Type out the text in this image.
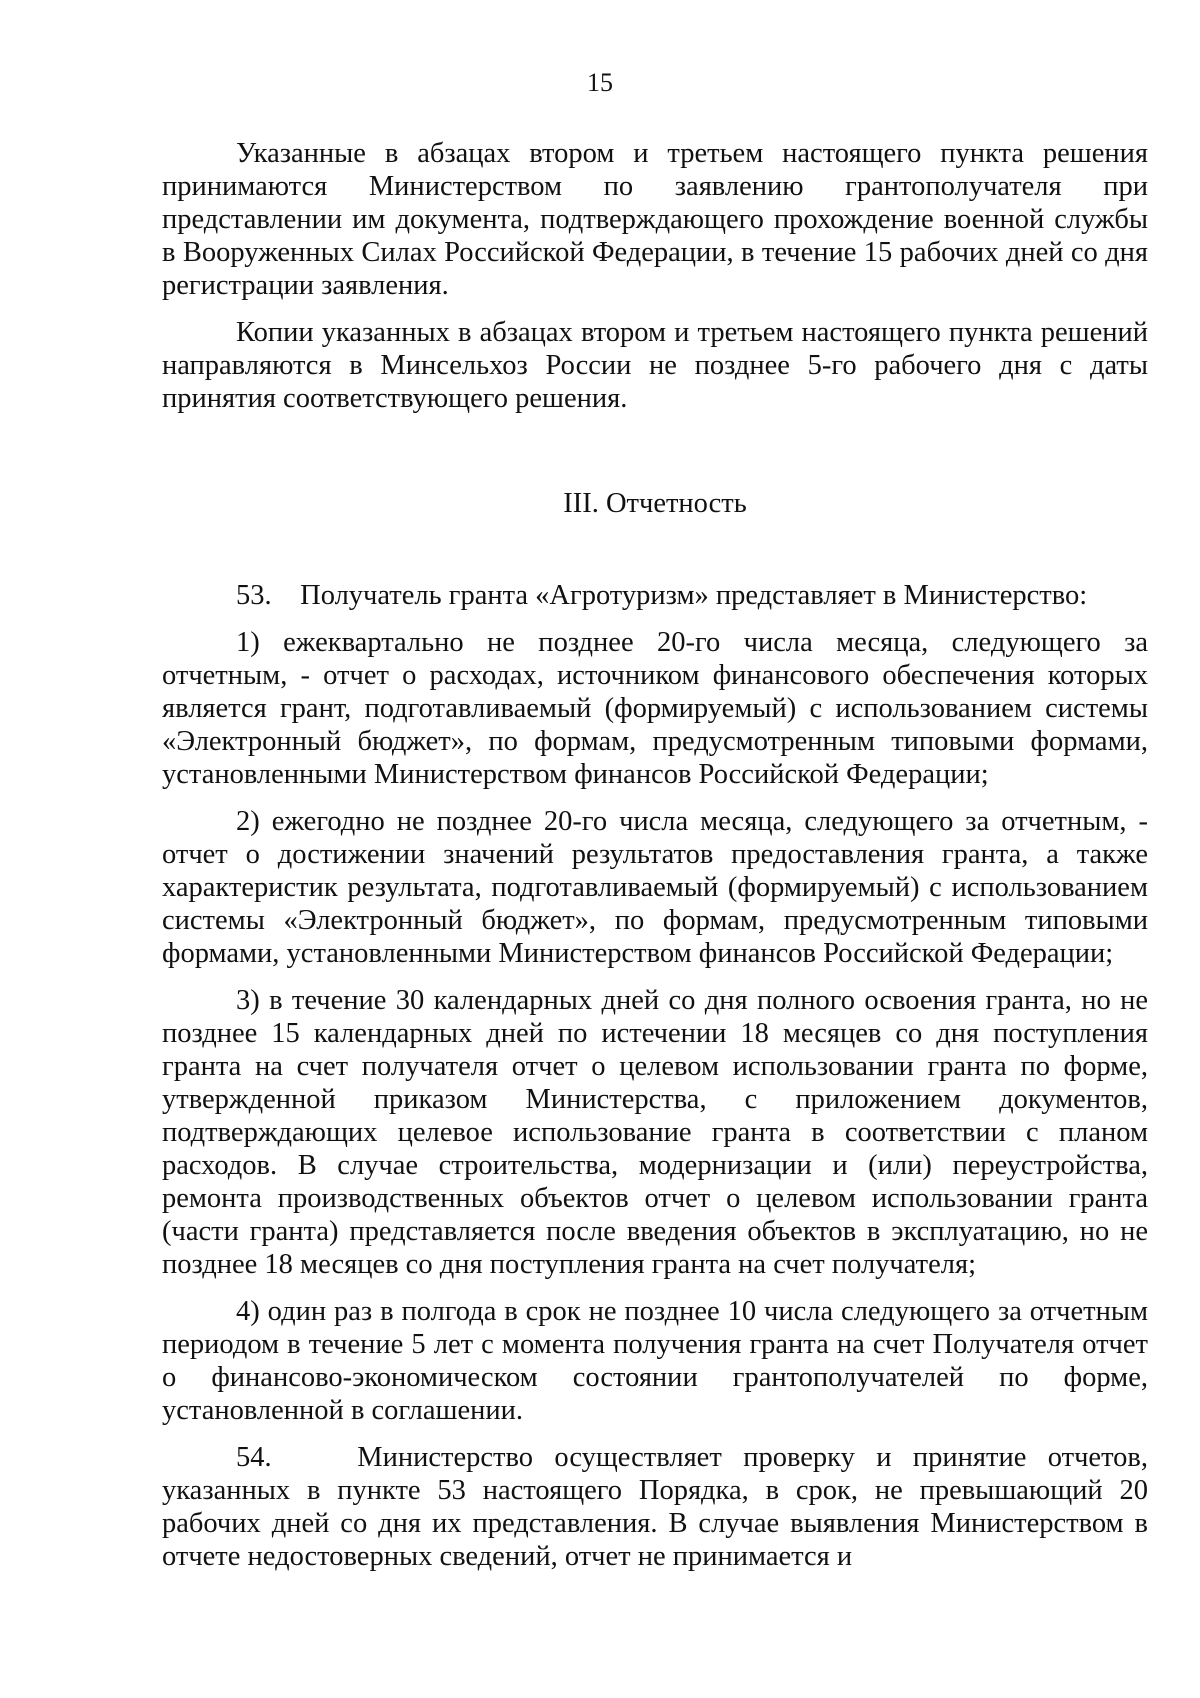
15

Указанные в абзацах втором и третьем настоящего пункта решения принимаются Министерством по заявлению грантополучателя при представлении им документа, подтверждающего прохождение военной службы в Вооруженных Силах Российской Федерации, в течение 15 рабочих дней со дня регистрации заявления.

Копии указанных в абзацах втором и третьем настоящего пункта решений направляются в Минсельхоз России не позднее 5-го рабочего дня с даты принятия соответствующего решения.

III. Отчетность

53.    Получатель гранта «Агротуризм» представляет в Министерство:

1) ежеквартально не позднее 20-го числа месяца, следующего за отчетным, - отчет о расходах, источником финансового обеспечения которых является грант, подготавливаемый (формируемый) с использованием системы «Электронный бюджет», по формам, предусмотренным типовыми формами, установленными Министерством финансов Российской Федерации;

2) ежегодно не позднее 20-го числа месяца, следующего за отчетным, - отчет о достижении значений результатов предоставления гранта, а также характеристик результата, подготавливаемый (формируемый) с использованием системы «Электронный бюджет», по формам, предусмотренным типовыми формами, установленными Министерством финансов Российской Федерации;

3) в течение 30 календарных дней со дня полного освоения гранта, но не позднее 15 календарных дней по истечении 18 месяцев со дня поступления гранта на счет получателя отчет о целевом использовании гранта по форме, утвержденной приказом Министерства, с приложением документов, подтверждающих целевое использование гранта в соответствии с планом расходов. В случае строительства, модернизации и (или) переустройства, ремонта производственных объектов отчет о целевом использовании гранта (части гранта) представляется после введения объектов в эксплуатацию, но не позднее 18 месяцев со дня поступления гранта на счет получателя;

4) один раз в полгода в срок не позднее 10 числа следующего за отчетным периодом в течение 5 лет с момента получения гранта на счет Получателя отчет о финансово-экономическом состоянии грантополучателей по форме, установленной в соглашении.

54.    Министерство осуществляет проверку и принятие отчетов, указанных в пункте 53 настоящего Порядка, в срок, не превышающий 20 рабочих дней со дня их представления. В случае выявления Министерством в отчете недостоверных сведений, отчет не принимается и
